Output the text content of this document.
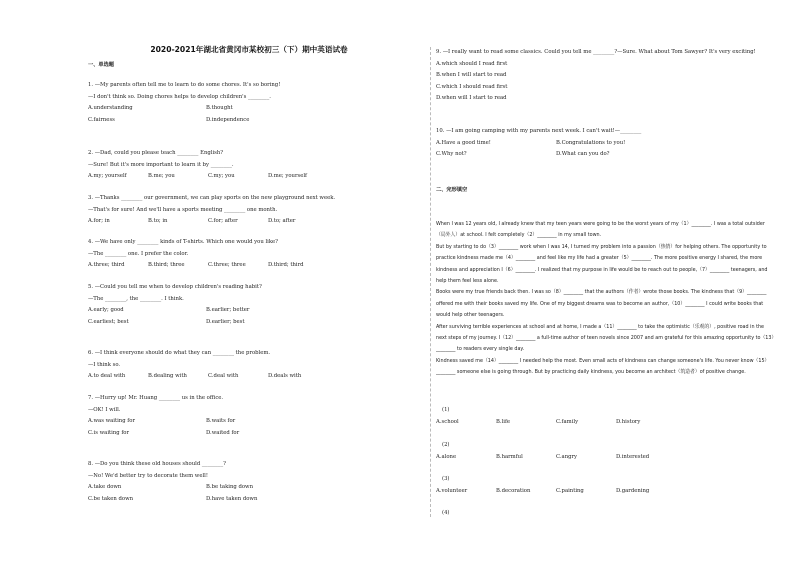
2020-2021年湖北省黄冈市某校初三（下）期中英语试卷
一、单选题
1. —My parents often tell me to learn to do some chores. It's so boring!
—I don't think so. Doing chores helps to develop children's ________.
A.understanding	B.thought
C.fairness	D.independence
2. —Dad, could you please teach ________ English?
—Sure! But it's more important to learn it by ________.
A.my; yourself	B.me; you	C.my; you	D.me; yourself
3. —Thanks ________ our government, we can play sports on the new playground next week.
—That's for sure! And we'll have a sports meeting ________ one month.
A.for; in	B.to; in	C.for; after	D.to; after
4. —We have only ________ kinds of T-shirts. Which one would you like?
—The ________ one. I prefer the color.
A.three; third	B.third; three	C.three; three	D.third; third
5. —Could you tell me when to develop children's reading habit?
—The ________, the ________. I think.
A.early; good	B.earlier; better
C.earliest; best	D.earlier; best
6. —I think everyone should do what they can ________ the problem.
—I think so.
A.to deal with	B.dealing with	C.deal with	D.deals with
7. —Hurry up! Mr. Huang ________ us in the office.
—OK! I will.
A.was waiting for	B.waits for
C.is waiting for	D.waited for
8. —Do you think these old houses should ________?
—No! We'd better try to decorate them well!
A.take down	B.be taking down
C.be taken down	D.have taken down
9. —I really want to read some classics. Could you tell me ________?—Sure. What about Tom Sawyer? It's very exciting!
A.which should I read first
B.when I will start to read
C.which I should read first
D.when will I start to read
10. —I am going camping with my parents next week. I can't wait!—________
A.Have a good time!	B.Congratulations to you!
C.Why not?	D.What can you do?
二、完形填空

When I was 12 years old, I already knew that my teen years were going to be the worst years of my（1）________. I was a total outsider（局外人）at school. I felt completely（2）________ in my small town.

But by starting to do（3）________ work when I was 14, I turned my problem into a passion（热情）for helping others. The opportunity to practice kindness made me（4）________ and feel like my life had a greater（5）________. The more positive energy I shared, the more kindness and appreciation I（6）________. I realized that my purpose in life would be to reach out to people,（7）________ teenagers, and help them feel less alone.

Books were my true friends back then. I was so（8）________ that the authors（作者）wrote those books. The kindness that（9）________ offered me with their books saved my life. One of my biggest dreams was to become an author,（10）________ I could write books that would help other teenagers.

After surviving terrible experiences at school and at home, I made a（11）________ to take the optimistic（乐观的）, positive road in the next steps of my journey. I（12）________ a full-time author of teen novels since 2007 and am grateful for this amazing opportunity to（13）________ to readers every single day.

Kindness saved me（14）________ I needed help the most. Even small acts of kindness can change someone's life. You never know（15）________ someone else is going through. But by practicing daily kindness, you become an architect（筑造者）of positive change.

(1)
A.school	B.life	C.family	D.history
(2)
A.alone	B.harmful	C.angry	D.interested
(3)
A.volunteer	B.decoration	C.painting	D.gardening
(4)
